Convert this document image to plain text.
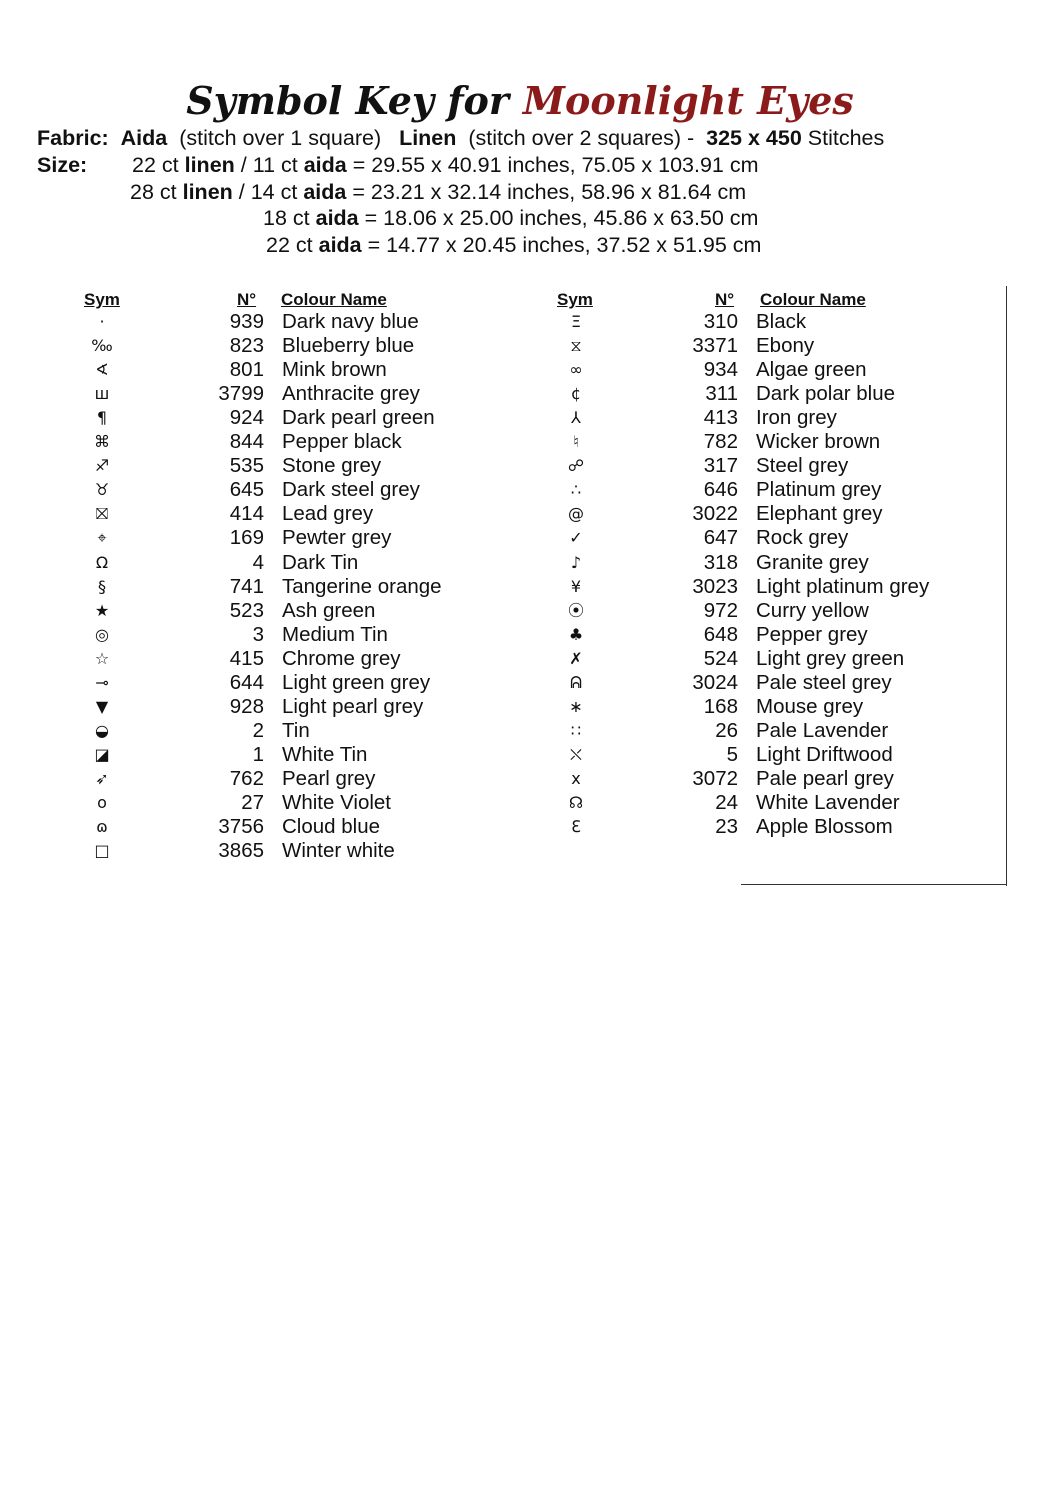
Symbol Key for Moonlight Eyes
Fabric: Aida (stitch over 1 square) Linen (stitch over 2 squares) - 325 x 450 Stitches
Size: 22 ct linen / 11 ct aida = 29.55 x 40.91 inches, 75.05 x 103.91 cm
28 ct linen / 14 ct aida = 23.21 x 32.14 inches, 58.96 x 81.64 cm
18 ct aida = 18.06 x 25.00 inches, 45.86 x 63.50 cm
22 ct aida = 14.77 x 20.45 inches, 37.52 x 51.95 cm
Sym	N° Colour Name	Sym	N° Colour Name
·	939 Dark navy blue
‰	823 Blueberry blue
∢	801 Mink brown
ш	3799 Anthracite grey
¶	924 Dark pearl green
⌘	844 Pepper black
♐	535 Stone grey
♉	645 Dark steel grey
⛝	414 Lead grey
⌖	169 Pewter grey
Ω	4 Dark Tin
§	741 Tangerine orange
★	523 Ash green
◎	3 Medium Tin
☆	415 Chrome grey
⊸	644 Light green grey
▼	928 Light pearl grey
◒	2 Tin
◪	1 White Tin
➶	762 Pearl grey
o	27 White Violet
ɷ	3756 Cloud blue
□	3865 Winter white
Ξ	310 Black
⧖	3371 Ebony
∞	934 Algae green
¢	311 Dark polar blue
⅄	413 Iron grey
♮	782 Wicker brown
☍	317 Steel grey
∴	646 Platinum grey
@	3022 Elephant grey
✓	647 Rock grey
♪	318 Granite grey
¥	3023 Light platinum grey
⦿	972 Curry yellow
♣	648 Pepper grey
✗	524 Light grey green
ᕱ	3024 Pale steel grey
∗	168 Mouse grey
∷	26 Pale Lavender
⛌	5 Light Driftwood
x	3072 Pale pearl grey
☊	24 White Lavender
ℇ	23 Apple Blossom
